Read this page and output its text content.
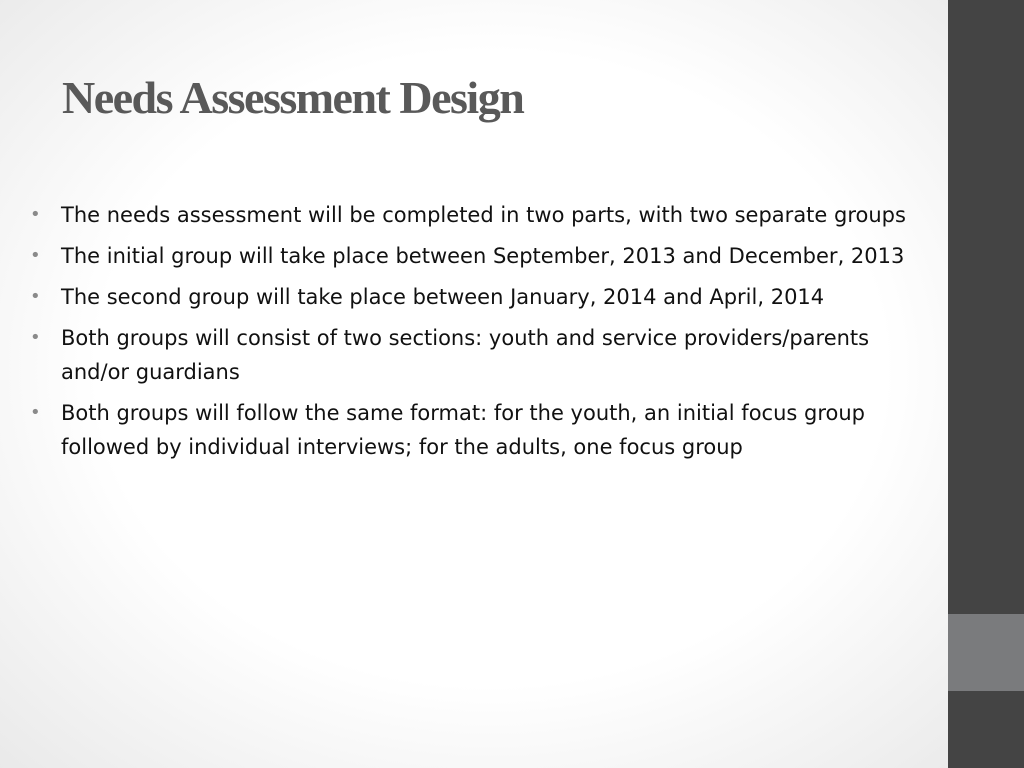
Needs Assessment Design
• The needs assessment will be completed in two parts, with two separate groups
• The initial group will take place between September, 2013 and December, 2013
• The second group will take place between January, 2014 and April, 2014
• Both groups will consist of two sections: youth and service providers/parents and/or guardians
• Both groups will follow the same format: for the youth, an initial focus group followed by individual interviews; for the adults, one focus group
